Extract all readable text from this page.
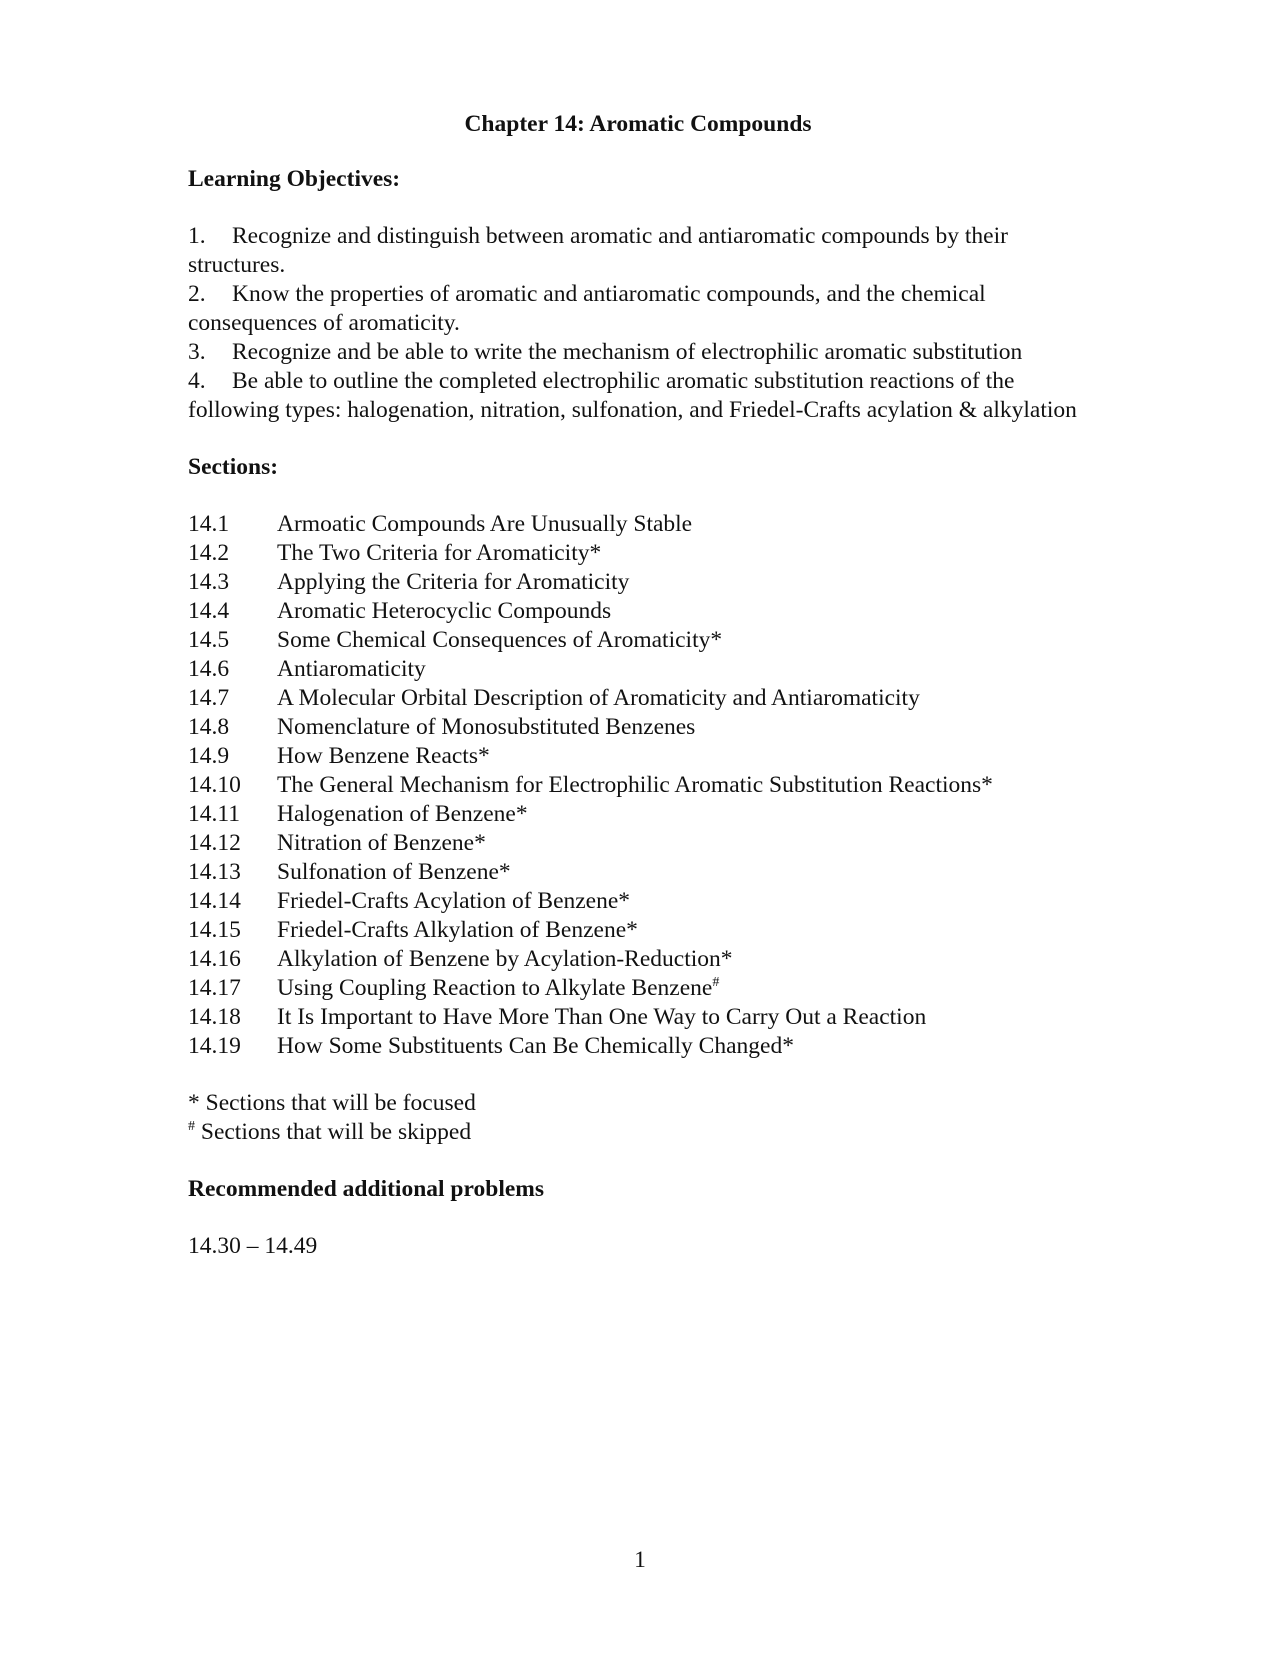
Chapter 14: Aromatic Compounds
Learning Objectives:
1. Recognize and distinguish between aromatic and antiaromatic compounds by their structures.
2. Know the properties of aromatic and antiaromatic compounds, and the chemical consequences of aromaticity.
3. Recognize and be able to write the mechanism of electrophilic aromatic substitution
4. Be able to outline the completed electrophilic aromatic substitution reactions of the following types: halogenation, nitration, sulfonation, and Friedel-Crafts acylation & alkylation
Sections:
14.1	Armoatic Compounds Are Unusually Stable
14.2	The Two Criteria for Aromaticity*
14.3	Applying the Criteria for Aromaticity
14.4	Aromatic Heterocyclic Compounds
14.5	Some Chemical Consequences of Aromaticity*
14.6	Antiaromaticity
14.7	A Molecular Orbital Description of Aromaticity and Antiaromaticity
14.8	Nomenclature of Monosubstituted Benzenes
14.9	How Benzene Reacts*
14.10	The General Mechanism for Electrophilic Aromatic Substitution Reactions*
14.11	Halogenation of Benzene*
14.12	Nitration of Benzene*
14.13	Sulfonation of Benzene*
14.14	Friedel-Crafts Acylation of Benzene*
14.15	Friedel-Crafts Alkylation of Benzene*
14.16	Alkylation of Benzene by Acylation-Reduction*
14.17	Using Coupling Reaction to Alkylate Benzene#
14.18	It Is Important to Have More Than One Way to Carry Out a Reaction
14.19	How Some Substituents Can Be Chemically Changed*
* Sections that will be focused
# Sections that will be skipped
Recommended additional problems
14.30 – 14.49
1
